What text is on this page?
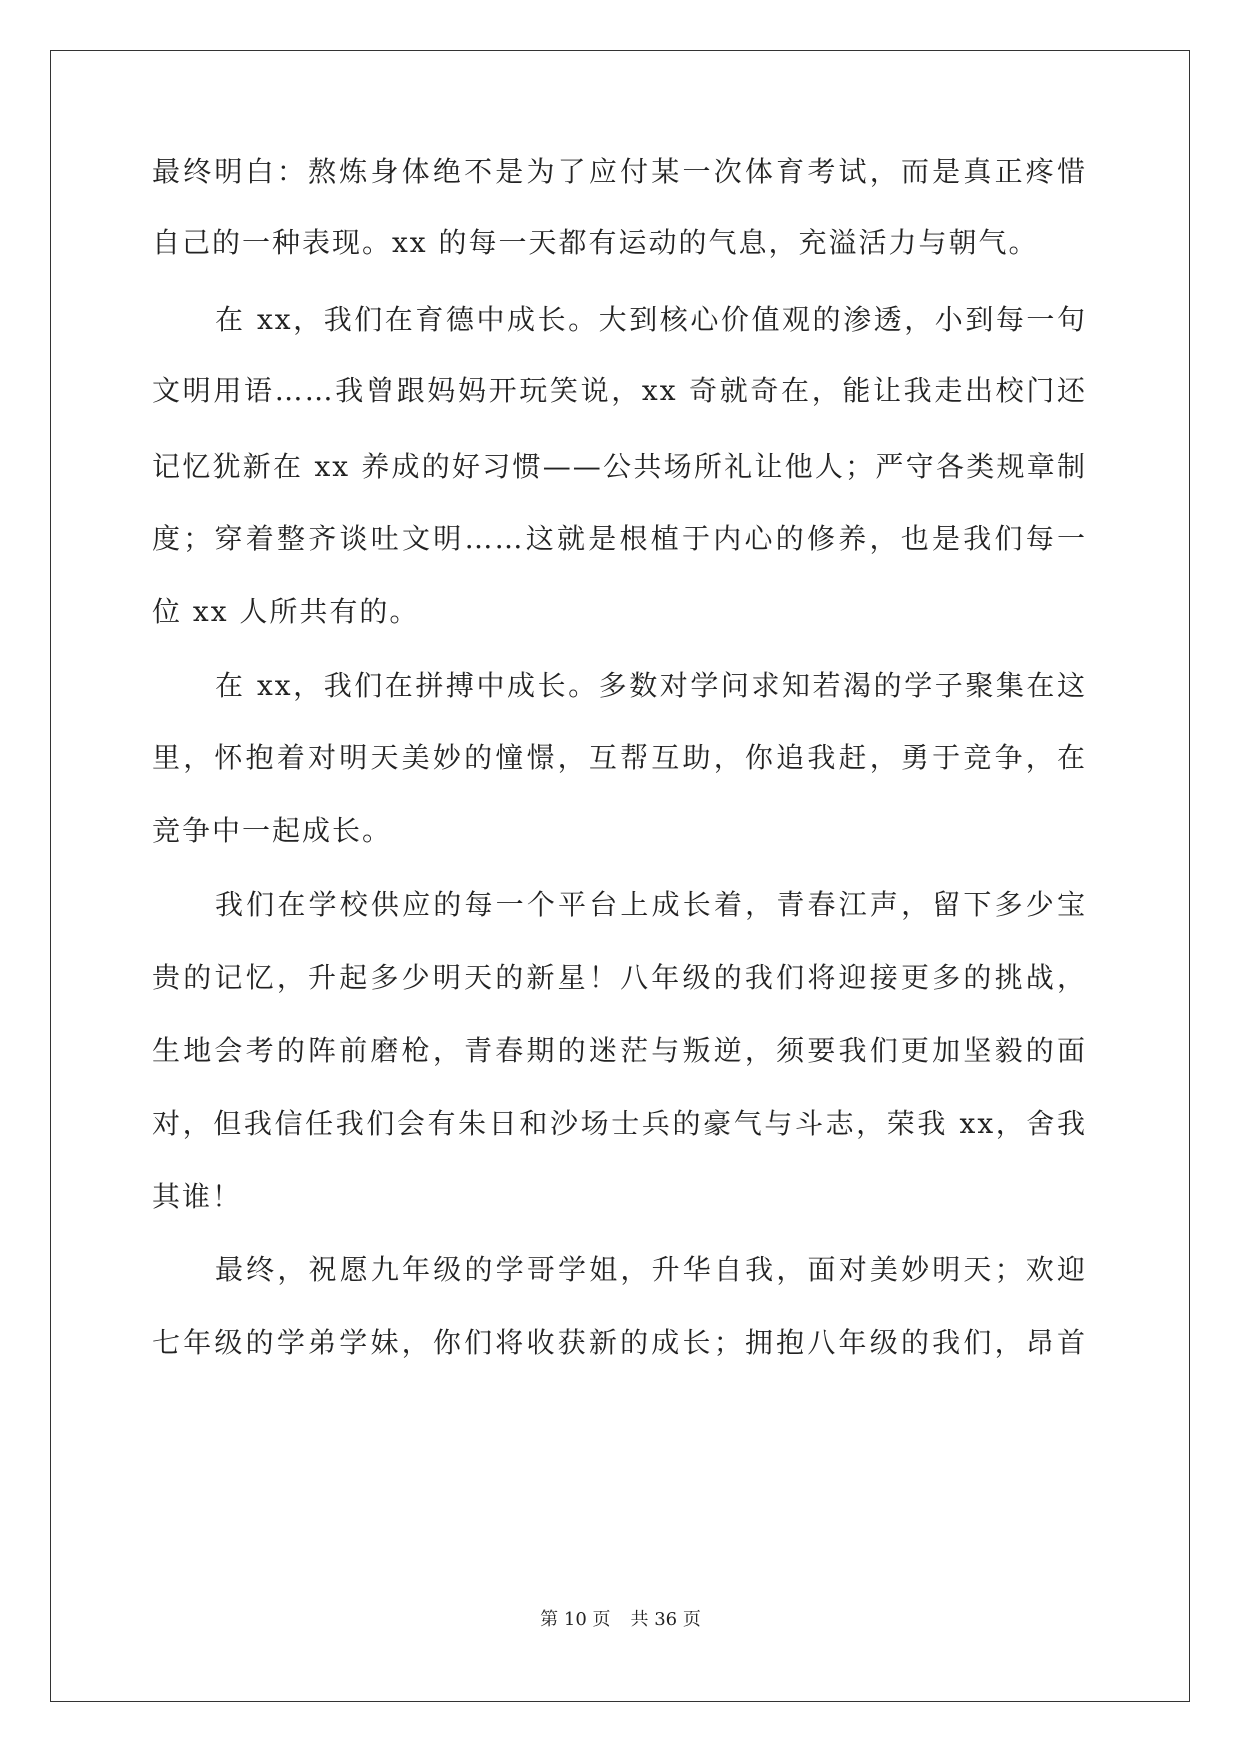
最终明白：熬炼身体绝不是为了应付某一次体育考试，而是真正疼惜
自己的一种表现。xx 的每一天都有运动的气息，充溢活力与朝气。
在 xx，我们在育德中成长。大到核心价值观的渗透，小到每一句
文明用语……我曾跟妈妈开玩笑说，xx 奇就奇在，能让我走出校门还
记忆犹新在 xx 养成的好习惯——公共场所礼让他人；严守各类规章制
度；穿着整齐谈吐文明……这就是根植于内心的修养，也是我们每一
位 xx 人所共有的。
在 xx，我们在拼搏中成长。多数对学问求知若渴的学子聚集在这
里，怀抱着对明天美妙的憧憬，互帮互助，你追我赶，勇于竞争，在
竞争中一起成长。
我们在学校供应的每一个平台上成长着，青春江声，留下多少宝
贵的记忆，升起多少明天的新星！八年级的我们将迎接更多的挑战，
生地会考的阵前磨枪，青春期的迷茫与叛逆，须要我们更加坚毅的面
对，但我信任我们会有朱日和沙场士兵的豪气与斗志，荣我 xx，舍我
其谁！
最终，祝愿九年级的学哥学姐，升华自我，面对美妙明天；欢迎
七年级的学弟学妹，你们将收获新的成长；拥抱八年级的我们，昂首
第 10 页 共 36 页
